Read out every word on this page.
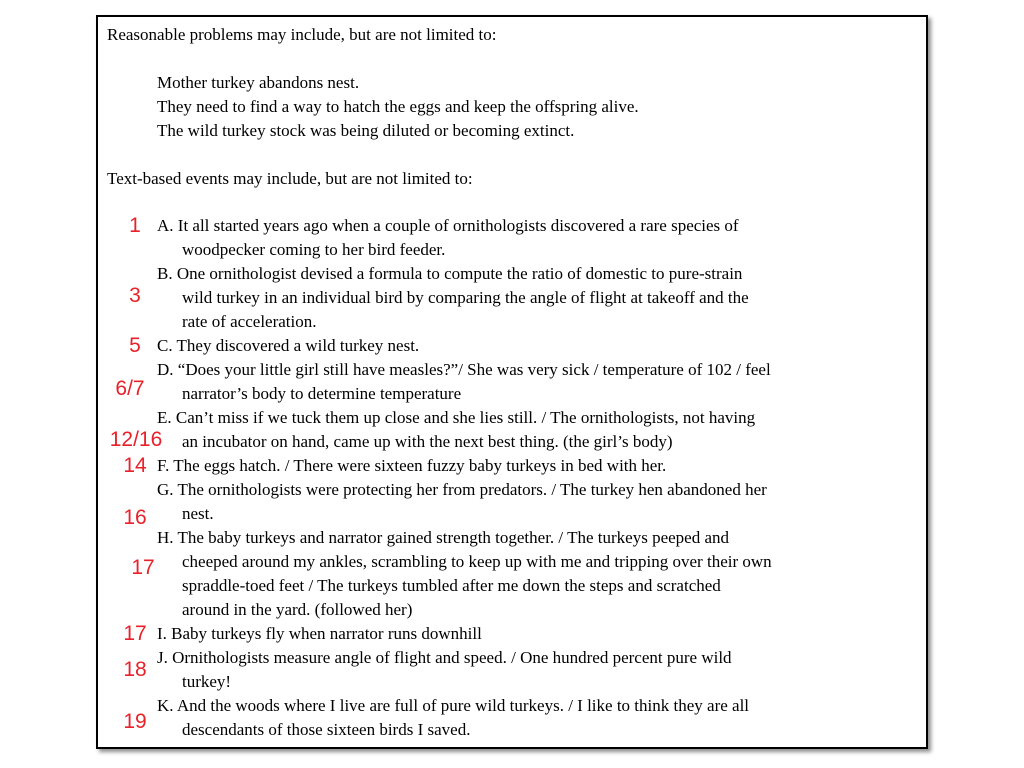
Reasonable problems may include, but are not limited to:
Mother turkey abandons nest.
They need to find a way to hatch the eggs and keep the offspring alive.
The wild turkey stock was being diluted or becoming extinct.
Text-based events may include, but are not limited to:
A. It all started years ago when a couple of ornithologists discovered a rare species of
woodpecker coming to her bird feeder.
B. One ornithologist devised a formula to compute the ratio of domestic to pure-strain
wild turkey in an individual bird by comparing the angle of flight at takeoff and the
rate of acceleration.
C. They discovered a wild turkey nest.
D. “Does your little girl still have measles?”/ She was very sick / temperature of 102 / feel
narrator’s body to determine temperature
E. Can’t miss if we tuck them up close and she lies still. / The ornithologists, not having
an incubator on hand, came up with the next best thing. (the girl’s body)
F. The eggs hatch. / There were sixteen fuzzy baby turkeys in bed with her.
G. The ornithologists were protecting her from predators. / The turkey hen abandoned her
nest.
H. The baby turkeys and narrator gained strength together. / The turkeys peeped and
cheeped around my ankles, scrambling to keep up with me and tripping over their own
spraddle-toed feet / The turkeys tumbled after me down the steps and scratched
around in the yard. (followed her)
I. Baby turkeys fly when narrator runs downhill
J. Ornithologists measure angle of flight and speed. / One hundred percent pure wild
turkey!
K. And the woods where I live are full of pure wild turkeys. / I like to think they are all
descendants of those sixteen birds I saved.
1
3
5
6/7
12/16
14
16
17
17
18
19
